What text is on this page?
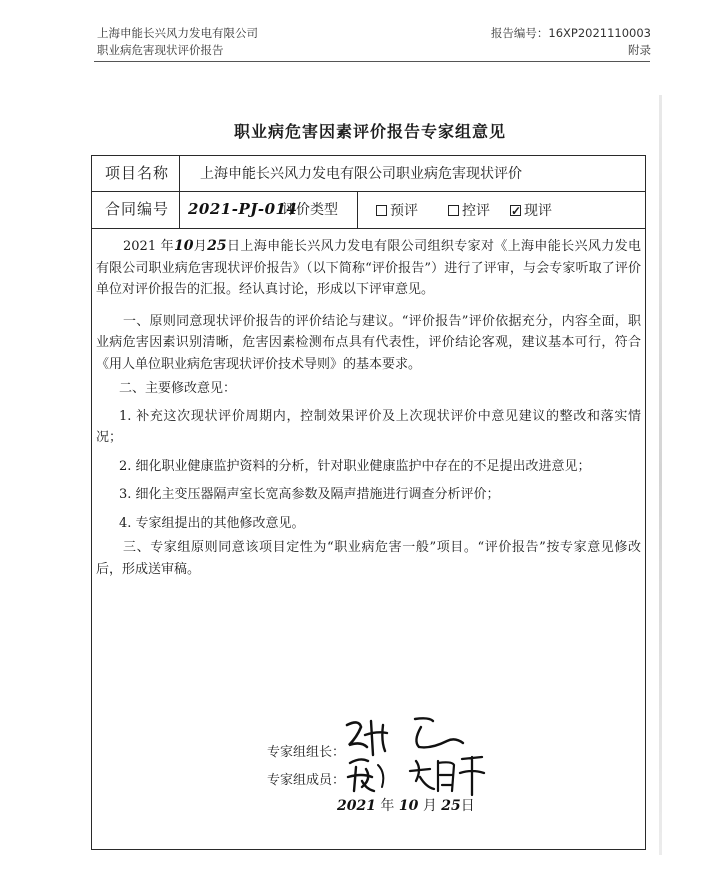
上海申能长兴风力发电有限公司
职业病危害现状评价报告
报告编号：16XP2021110003
附录
职业病危害因素评价报告专家组意见
项目名称 上海申能长兴风力发电有限公司职业病危害现状评价
合同编号 2021-PJ-014
评价类型	预评	控评
✓	现评

2021 年10月25日上海申能长兴风力发电有限公司组织专家对《上海申能长兴风力发电有限公司职业病危害现状评价报告》（以下简称“评价报告”）进行了评审，与会专家听取了评价单位对评价报告的汇报。经认真讨论，形成以下评审意见。

一、原则同意现状评价报告的评价结论与建议。“评价报告”评价依据充分，内容全面，职业病危害因素识别清晰，危害因素检测布点具有代表性，评价结论客观，建议基本可行，符合《用人单位职业病危害现状评价技术导则》的基本要求。

二、主要修改意见：

1. 补充这次现状评价周期内，控制效果评价及上次现状评价中意见建议的整改和落实情况；

2. 细化职业健康监护资料的分析，针对职业健康监护中存在的不足提出改进意见；

3. 细化主变压器隔声室长宽高参数及隔声措施进行调查分析评价；

4. 专家组提出的其他修改意见。

三、专家组原则同意该项目定性为“职业病危害一般”项目。“评价报告”按专家意见修改后，形成送审稿。

专家组组长：
专家组成员：
2021 年 10 月 25日
